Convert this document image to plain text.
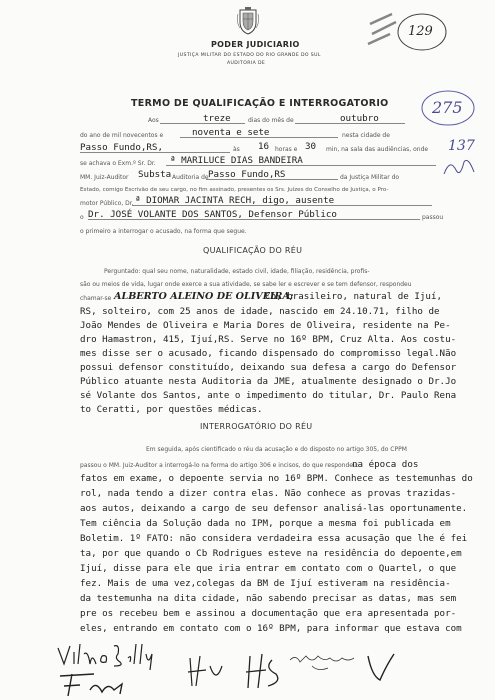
PODER JUDICIARIO
JUSTIÇA MILITAR DO ESTADO DO RIO GRANDE DO SUL
AUDITORIA DE
129
275
137
TERMO DE QUALIFICAÇÃO E INTERROGATORIO
Aos	treze	dias do mês de	outubro
do ano de mil novecentos e	noventa e sete	nesta cidade de
Passo Fundo,RS,	às 16 horas e 30 min, na sala das audiências, onde
se achava o Exm.º Sr. Dr. ª MARILUCE DIAS BANDEIRA
MM. Juiz-Auditor Substa Auditoria de Passo Fundo,RS	da Justiça Militar do
Estado, comigo Escrivão de seu cargo, no fim assinado, presentes os Srs. Juízes do Conselho de Justiça, o Pro-
motor Público, Dr. ª DIOMAR JACINTA RECH, digo, ausente
o Dr. JOSÉ VOLANTE DOS SANTOS, Defensor Público	passou
o primeiro a interrogar o acusado, na forma que segue.
QUALIFICAÇÃO DO RÉU
Perguntado: qual seu nome, naturalidade, estado civil, idade, filiação, residência, profis-
são ou meios de vida, lugar onde exerce a sua atividade, se sabe ler e escrever e se tem defensor, respondeu
chamar-se ALBERTO ALEINO DE OLIVEIRA;
Cb, brasileiro, natural de Ijuí,
RS, solteiro, com 25 anos de idade, nascido em 24.10.71, filho de
João Mendes de Oliveira e Maria Dores de Oliveira, residente na Pe-
dro Hamastron, 415, Ijuí,RS. Serve no 16º BPM, Cruz Alta. Aos costu-
mes disse ser o acusado, ficando dispensado do compromisso legal.Não
possui defensor constituído, deixando sua defesa a cargo do Defensor
Público atuante nesta Auditoria da JME, atualmente designado o Dr.Jo
sé Volante dos Santos, ante o impedimento do titular, Dr. Paulo Rena
to Ceratti, por questões médicas.
INTERROGATÓRIO DO RÉU
Em seguida, após cientificado o réu da acusação e do disposto no artigo 305, do CPPM
passou o MM. Juiz-Auditor a interrogá-lo na forma do artigo 306 e incisos, do que respondeu:
na época dos
fatos em exame, o depoente servia no 16º BPM. Conhece as testemunhas do
rol, nada tendo a dizer contra elas. Não conhece as provas trazidas-
aos autos, deixando a cargo de seu defensor analisá-las oportunamente.
Tem ciência da Solução dada no IPM, porque a mesma foi publicada em
Boletim. 1º FATO: não considera verdadeira essa acusação que lhe é fei
ta, por que quando o Cb Rodrigues esteve na residência do depoente,em
Ijuí, disse para ele que iria entrar em contato com o Quartel, o que
fez. Mais de uma vez,colegas da BM de Ijuí estiveram na residência-
da testemunha na dita cidade, não sabendo precisar as datas, mas sem
pre os recebeu bem e assinou a documentação que era apresentada por-
eles, entrando em contato com o 16º BPM, para informar que estava com
